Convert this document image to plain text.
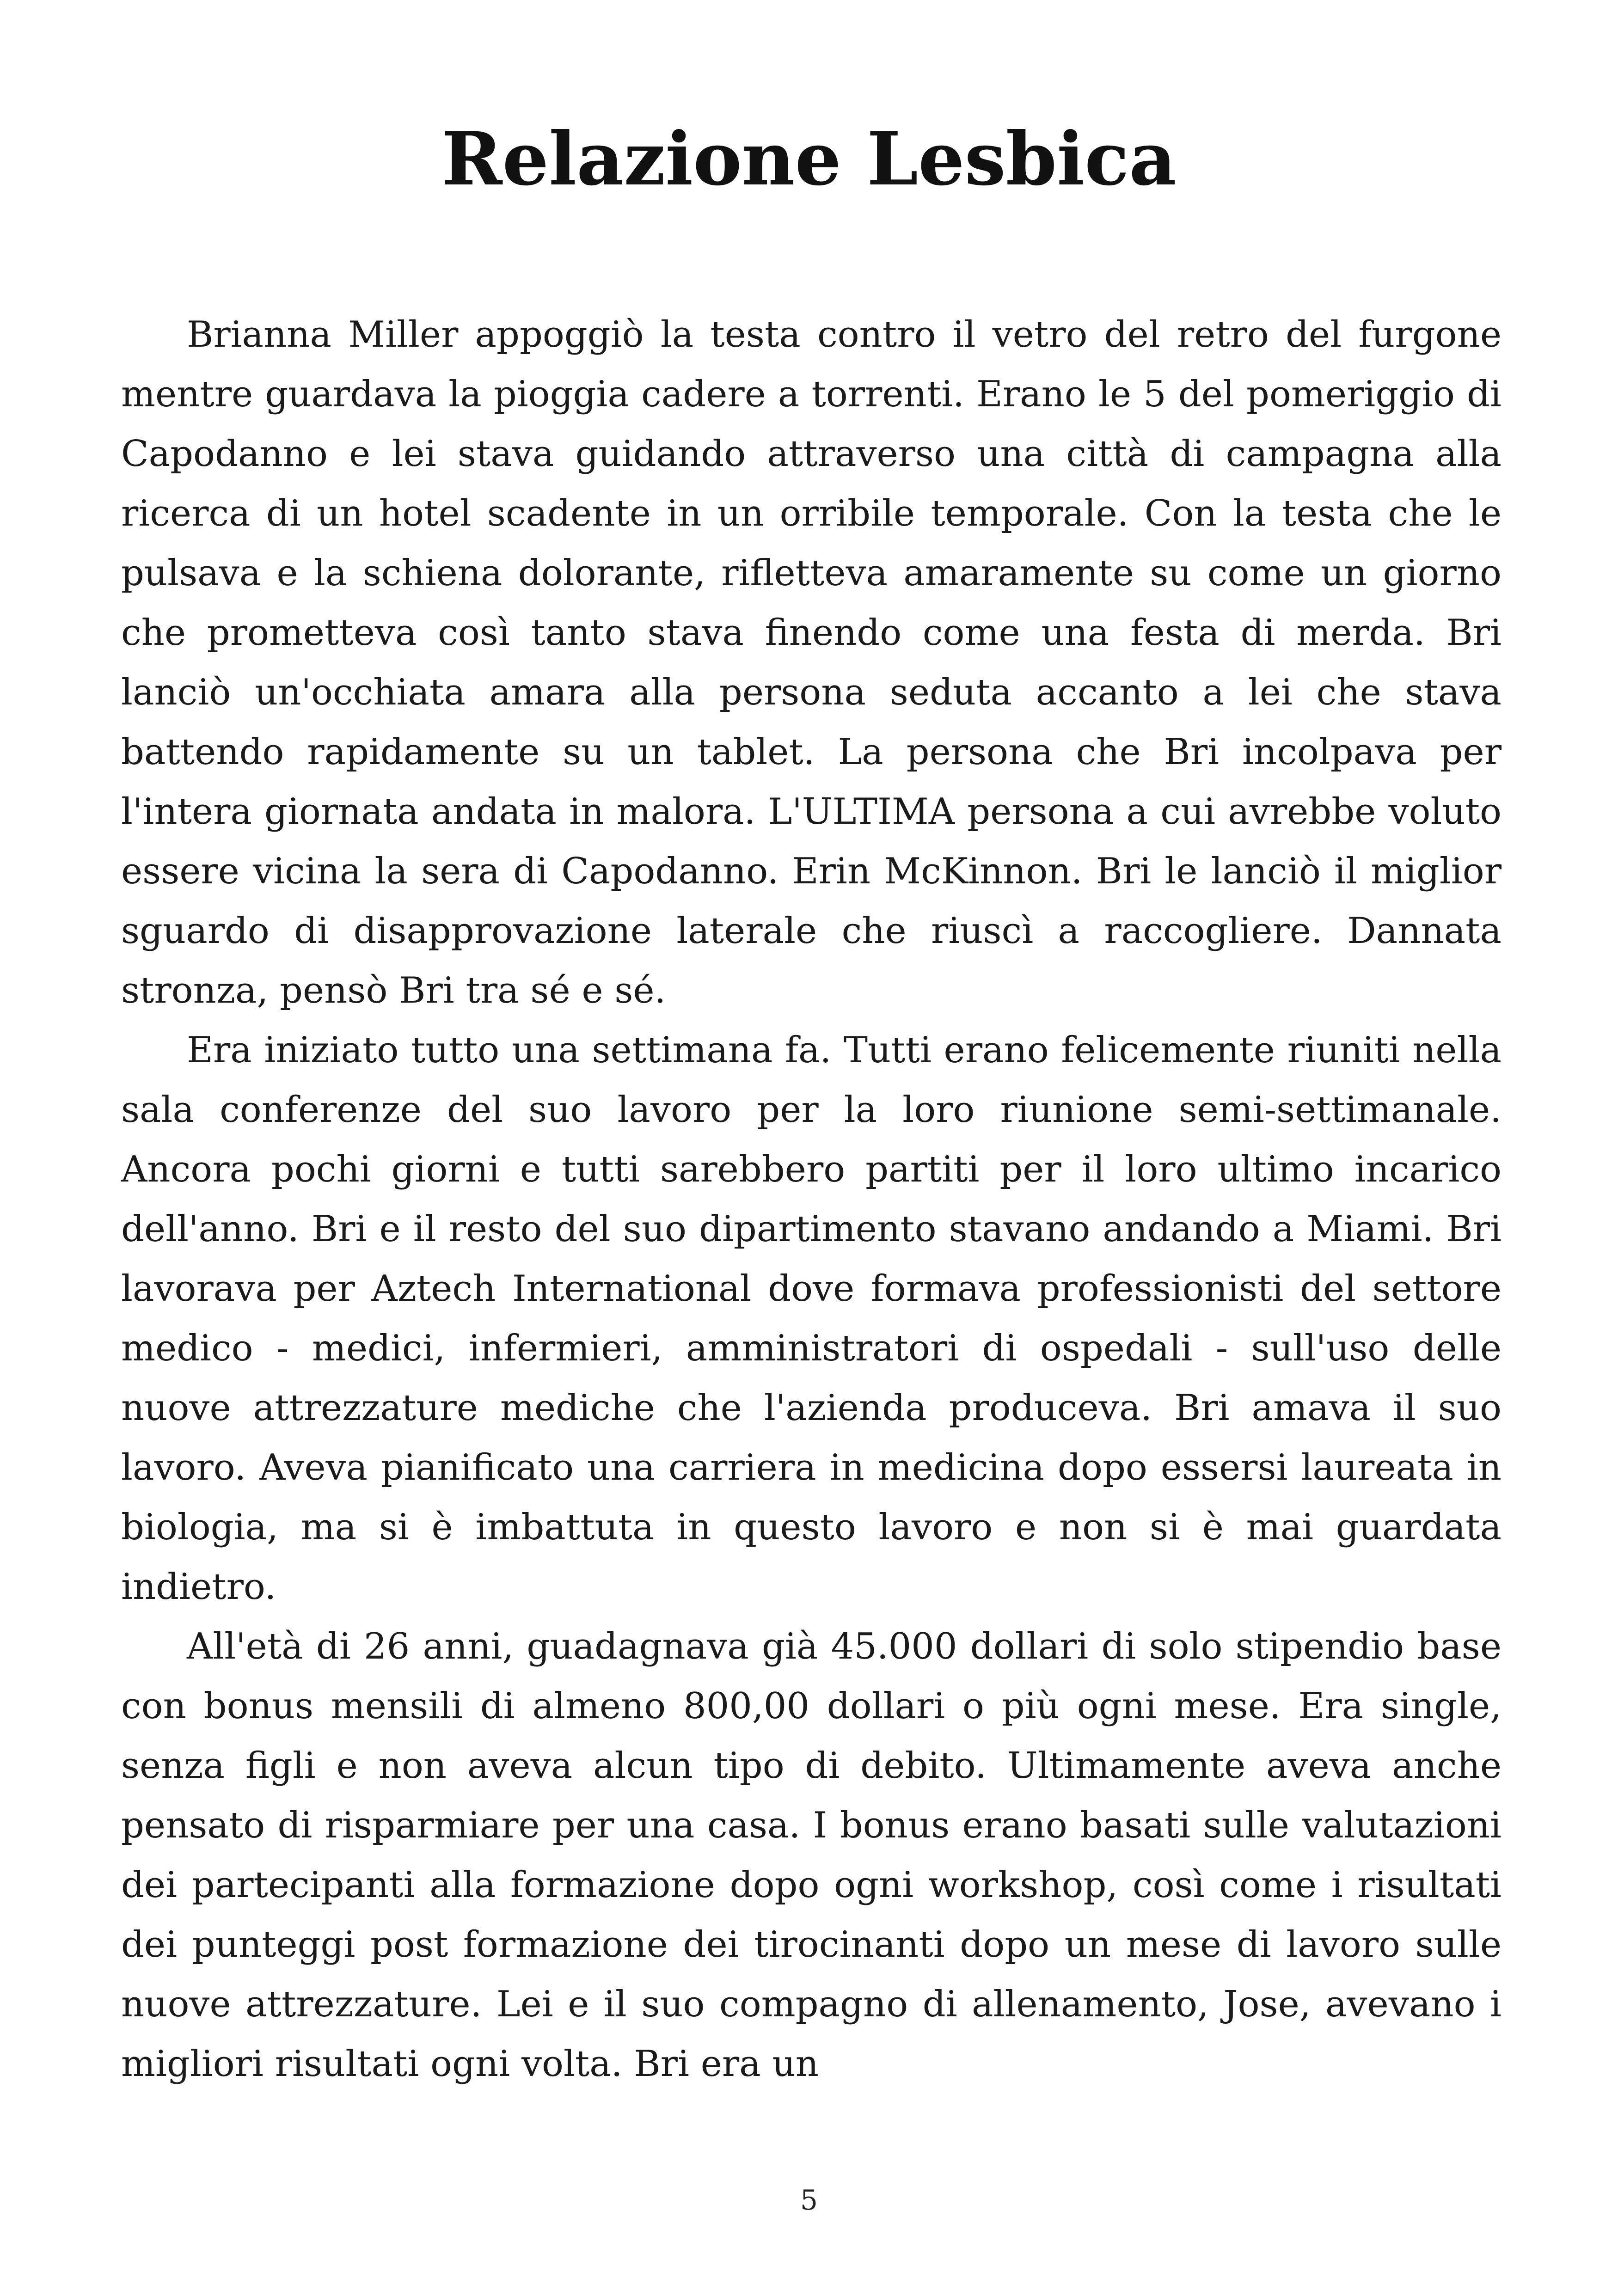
Relazione Lesbica

Brianna Miller appoggiò la testa contro il vetro del retro del furgone mentre guardava la pioggia cadere a torrenti. Erano le 5 del pomeriggio di Capodanno e lei stava guidando attraverso una città di campagna alla ricerca di un hotel scadente in un orribile temporale. Con la testa che le pulsava e la schiena dolorante, rifletteva amaramente su come un giorno che prometteva così tanto stava finendo come una festa di merda. Bri lanciò un'occhiata amara alla persona seduta accanto a lei che stava battendo rapidamente su un tablet. La persona che Bri incolpava per l'intera giornata andata in malora. L'ULTIMA persona a cui avrebbe voluto essere vicina la sera di Capodanno. Erin McKinnon. Bri le lanciò il miglior sguardo di disapprovazione laterale che riuscì a raccogliere. Dannata stronza, pensò Bri tra sé e sé.

Era iniziato tutto una settimana fa. Tutti erano felicemente riuniti nella sala conferenze del suo lavoro per la loro riunione semi-settimanale. Ancora pochi giorni e tutti sarebbero partiti per il loro ultimo incarico dell'anno. Bri e il resto del suo dipartimento stavano andando a Miami. Bri lavorava per Aztech International dove formava professionisti del settore medico - medici, infermieri, amministratori di ospedali - sull'uso delle nuove attrezzature mediche che l'azienda produceva. Bri amava il suo lavoro. Aveva pianificato una carriera in medicina dopo essersi laureata in biologia, ma si è imbattuta in questo lavoro e non si è mai guardata indietro.

All'età di 26 anni, guadagnava già 45.000 dollari di solo stipendio base con bonus mensili di almeno 800,00 dollari o più ogni mese. Era single, senza figli e non aveva alcun tipo di debito. Ultimamente aveva anche pensato di risparmiare per una casa. I bonus erano basati sulle valutazioni dei partecipanti alla formazione dopo ogni workshop, così come i risultati dei punteggi post formazione dei tirocinanti dopo un mese di lavoro sulle nuove attrezzature. Lei e il suo compagno di allenamento, Jose, avevano i migliori risultati ogni volta. Bri era un

5
